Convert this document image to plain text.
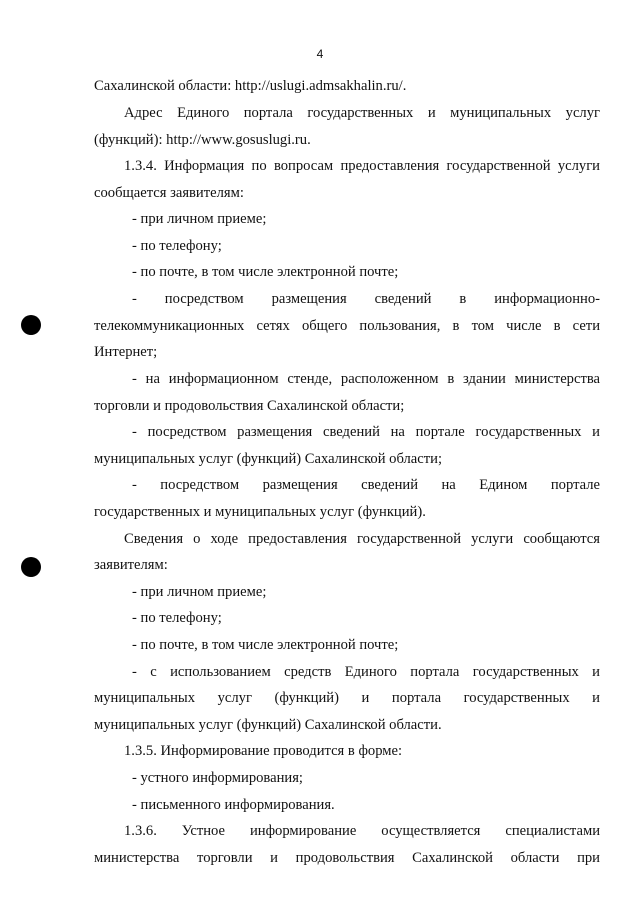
4
Сахалинской области: http://uslugi.admsakhalin.ru/.
Адрес Единого портала государственных и муниципальных услуг
(функций): http://www.gosuslugi.ru.
1.3.4. Информация по вопросам предоставления государственной услуги
сообщается заявителям:
- при личном приеме;
- по телефону;
- по почте, в том числе электронной почте;
- посредством размещения сведений в информационно-
телекоммуникационных сетях общего пользования, в том числе в сети
Интернет;
- на информационном стенде, расположенном в здании министерства
торговли и продовольствия Сахалинской области;
- посредством размещения сведений на портале государственных и
муниципальных услуг (функций) Сахалинской области;
- посредством размещения сведений на Едином портале
государственных и муниципальных услуг (функций).
Сведения о ходе предоставления государственной услуги сообщаются
заявителям:
- при личном приеме;
- по телефону;
- по почте, в том числе электронной почте;
- с использованием средств Единого портала государственных и
муниципальных услуг (функций) и портала государственных и
муниципальных услуг (функций) Сахалинской области.
1.3.5. Информирование проводится в форме:
- устного информирования;
- письменного информирования.
1.3.6. Устное информирование осуществляется специалистами
министерства торговли и продовольствия Сахалинской области при
